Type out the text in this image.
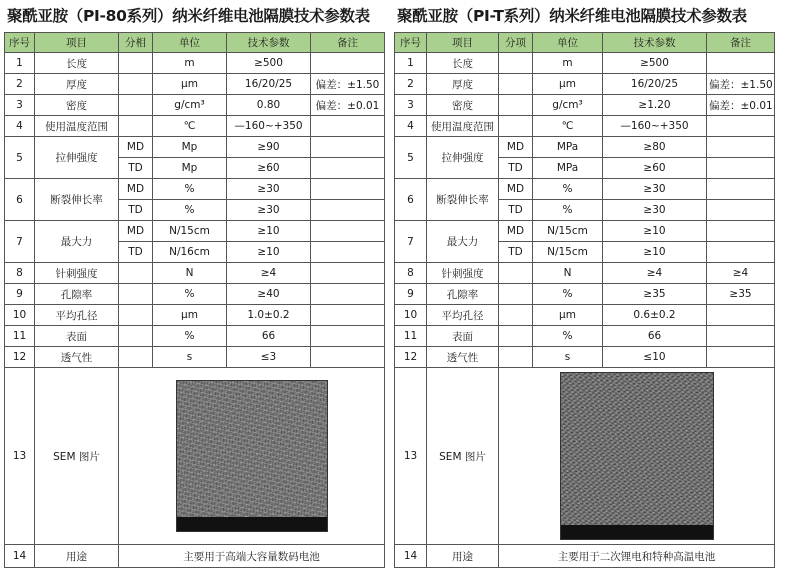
聚酰亚胺（PI-80系列）纳米纤维电池隔膜技术参数表
序号	项目	分相	单位	技术参数	备注
1	长度		m	≥500	
2	厚度		μm	16/20/25	偏差：±1.50
3	密度		g/cm³	0.80	偏差：±0.01
4	使用温度范围		℃	—160~+350	
5	拉伸强度	MD	Mp	≥90	
		TD	Mp	≥60	
6	断裂伸长率	MD	%	≥30	
		TD	%	≥30	
7	最大力	MD	N/15cm	≥10	
		TD	N/16cm	≥10	
8	针刺强度		N	≥4	
9	孔隙率		%	≥40	
10	平均孔径		μm	1.0±0.2	
11	表面		%	66	
12	透气性		s	≤3	
13	SEM 图片				

14	用途	主要用于高端大容量数码电池			
聚酰亚胺（PI-T系列）纳米纤维电池隔膜技术参数表
序号	项目	分项	单位	技术参数	备注
1	长度		m	≥500	
2	厚度		μm	16/20/25	偏差：±1.50
3	密度		g/cm³	≥1.20	偏差：±0.01
4	使用温度范围		℃	—160~+350	
5	拉伸强度	MD	MPa	≥80	
		TD	MPa	≥60	
6	断裂伸长率	MD	%	≥30	
		TD	%	≥30	
7	最大力	MD	N/15cm	≥10	
		TD	N/15cm	≥10	
8	针刺强度		N	≥4	≥4
9	孔隙率		%	≥35	≥35
10	平均孔径		μm	0.6±0.2	
11	表面		%	66	
12	透气性		s	≤10	
13	SEM 图片				

14	用途	主要用于二次锂电和特种高温电池			
